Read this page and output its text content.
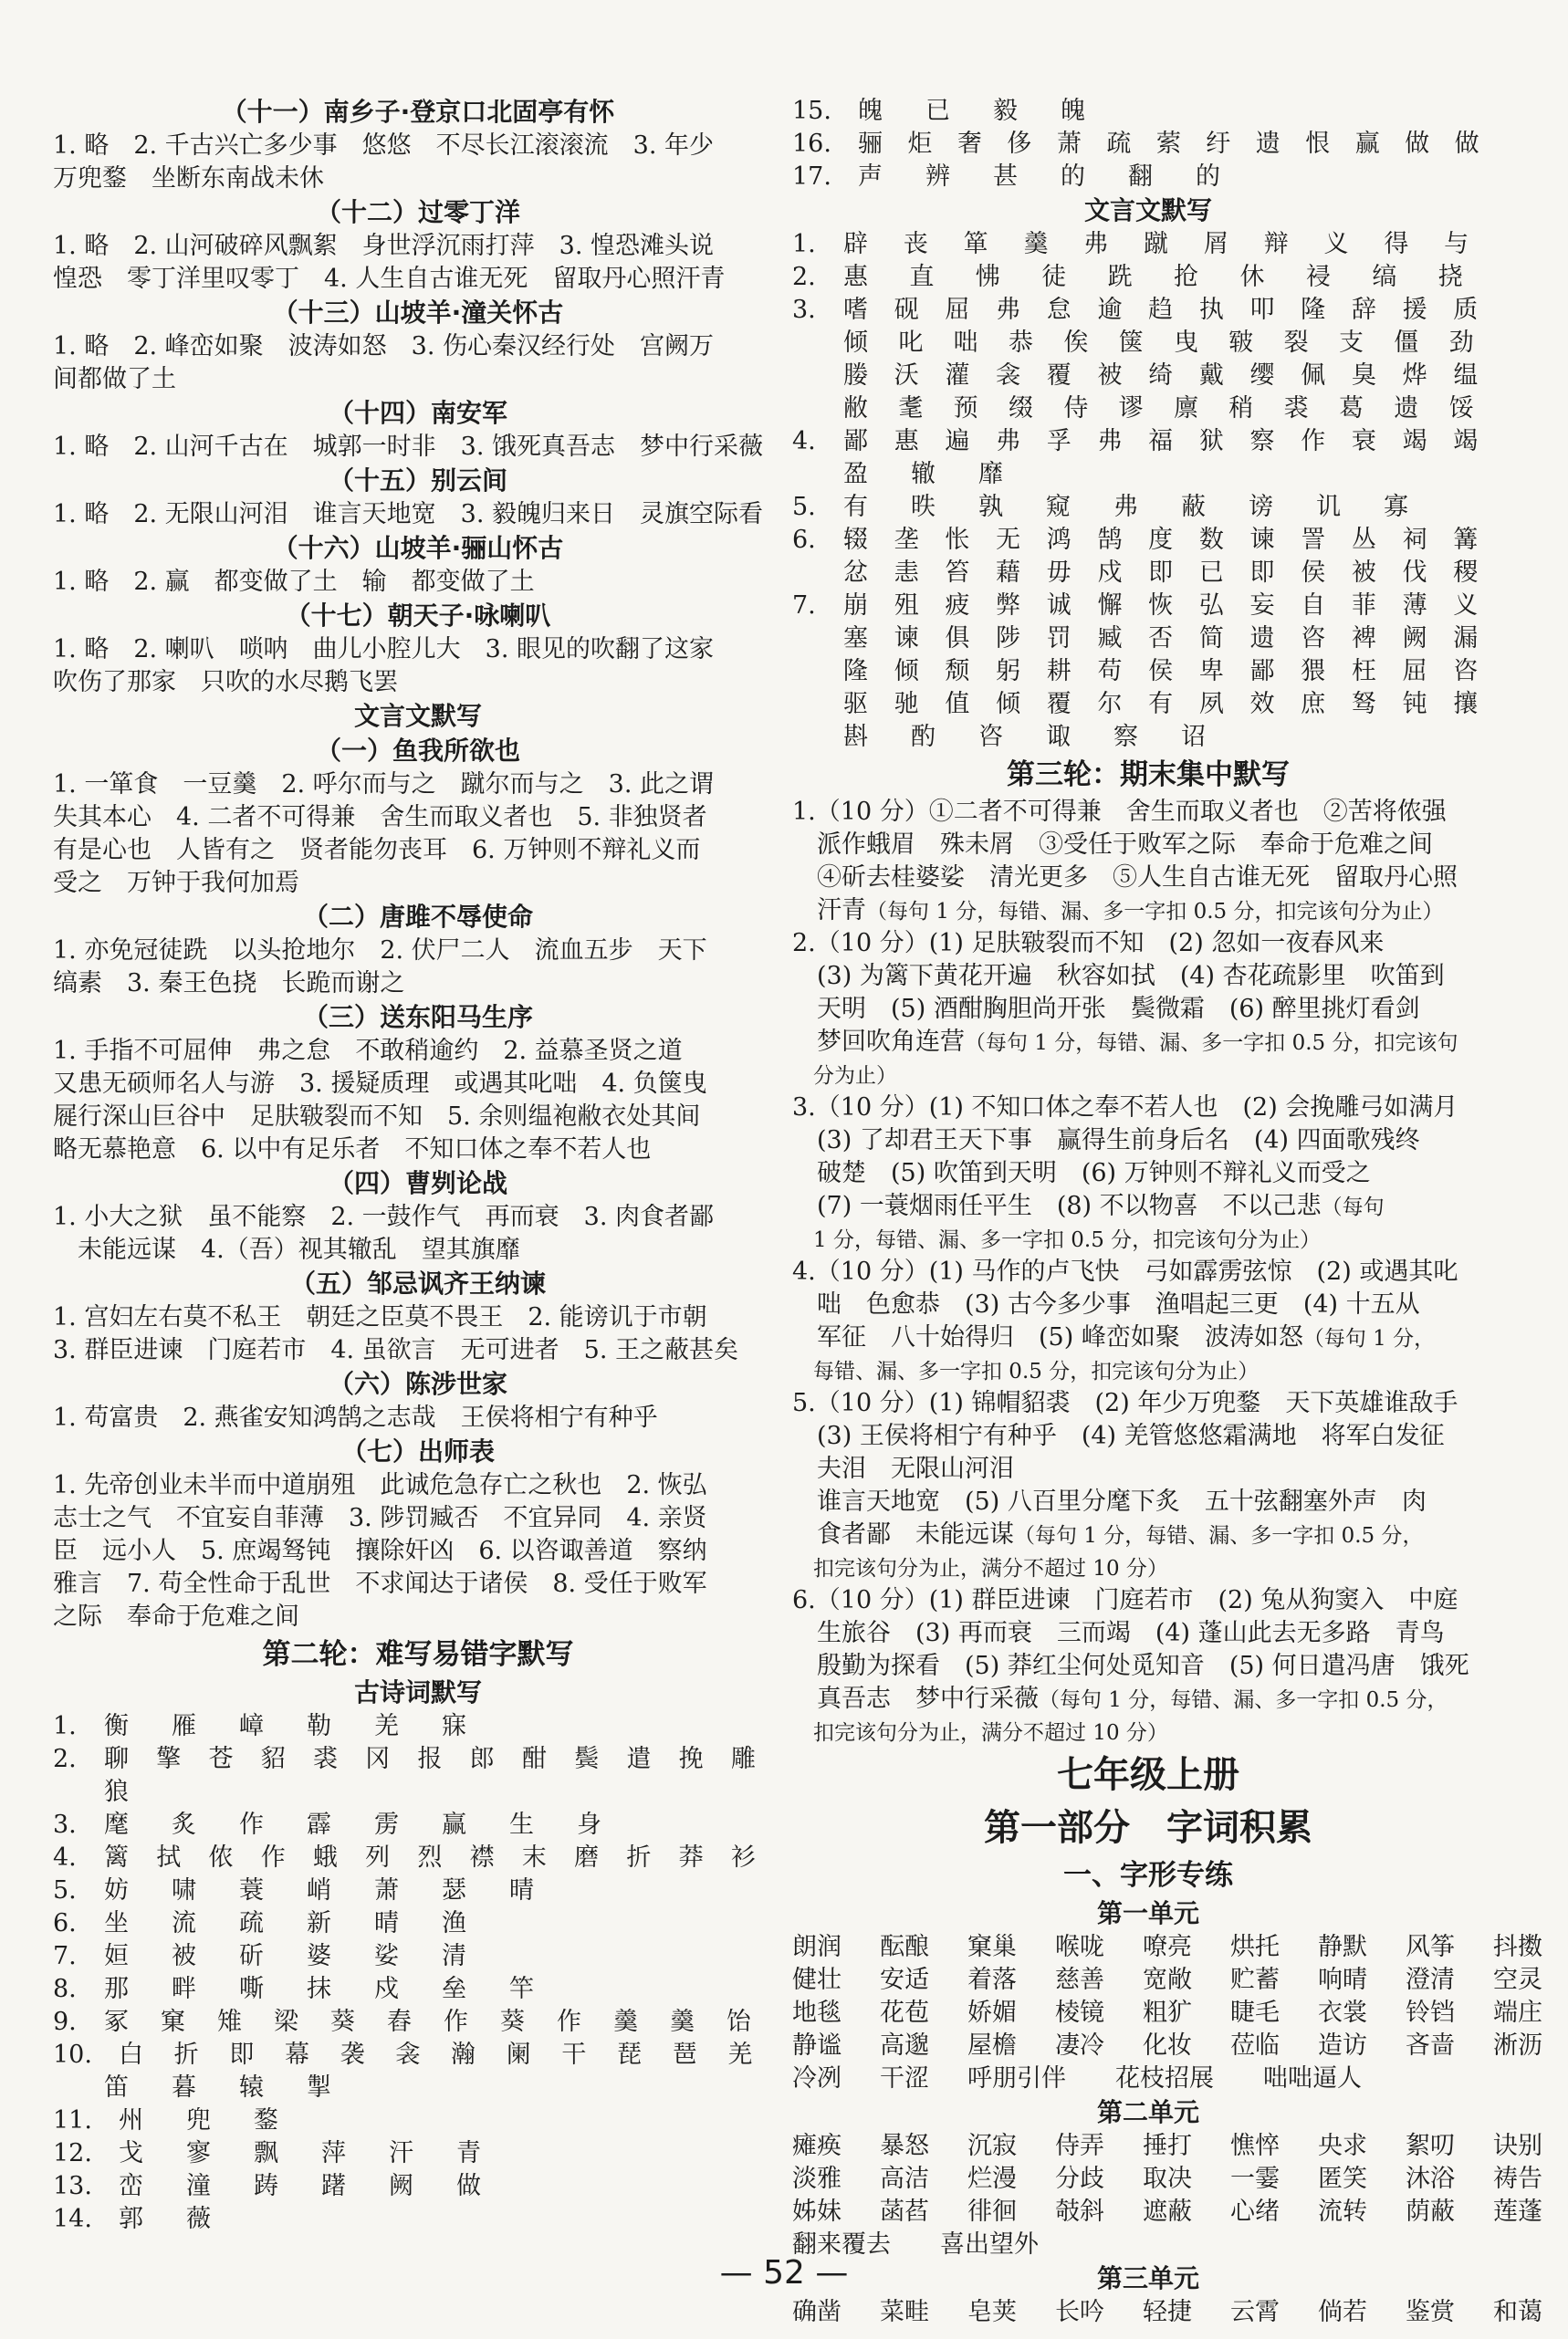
（十一）南乡子·登京口北固亭有怀
1. 略　2. 千古兴亡多少事　悠悠　不尽长江滚滚流　3. 年少
万兜鍪　坐断东南战未休
（十二）过零丁洋
1. 略　2. 山河破碎风飘絮　身世浮沉雨打萍　3. 惶恐滩头说
惶恐　零丁洋里叹零丁　4. 人生自古谁无死　留取丹心照汗青
（十三）山坡羊·潼关怀古
1. 略　2. 峰峦如聚　波涛如怒　3. 伤心秦汉经行处　宫阙万
间都做了土
（十四）南安军
1. 略　2. 山河千古在　城郭一时非　3. 饿死真吾志　梦中行采薇
（十五）别云间
1. 略　2. 无限山河泪　谁言天地宽　3. 毅魄归来日　灵旗空际看
（十六）山坡羊·骊山怀古
1. 略　2. 赢　都变做了土　输　都变做了土
（十七）朝天子·咏喇叭
1. 略　2. 喇叭　唢呐　曲儿小腔儿大　3. 眼见的吹翻了这家
吹伤了那家　只吹的水尽鹅飞罢
文言文默写
（一）鱼我所欲也
1. 一箪食　一豆羹　2. 呼尔而与之　蹴尔而与之　3. 此之谓
失其本心　4. 二者不可得兼　舍生而取义者也　5. 非独贤者
有是心也　人皆有之　贤者能勿丧耳　6. 万钟则不辩礼义而
受之　万钟于我何加焉
（二）唐雎不辱使命
1. 亦免冠徒跣　以头抢地尔　2. 伏尸二人　流血五步　天下
缟素　3. 秦王色挠　长跪而谢之
（三）送东阳马生序
1. 手指不可屈伸　弗之怠　不敢稍逾约　2. 益慕圣贤之道
又患无硕师名人与游　3. 援疑质理　或遇其叱咄　4. 负箧曳
屣行深山巨谷中　足肤皲裂而不知　5. 余则缊袍敝衣处其间
略无慕艳意　6. 以中有足乐者　不知口体之奉不若人也
（四）曹刿论战
1. 小大之狱　虽不能察　2. 一鼓作气　再而衰　3. 肉食者鄙
　未能远谋　4.（吾）视其辙乱　望其旗靡
（五）邹忌讽齐王纳谏
1. 宫妇左右莫不私王　朝廷之臣莫不畏王　2. 能谤讥于市朝
3. 群臣进谏　门庭若市　4. 虽欲言　无可进者　5. 王之蔽甚矣
（六）陈涉世家
1. 苟富贵　2. 燕雀安知鸿鹄之志哉　王侯将相宁有种乎
（七）出师表
1. 先帝创业未半而中道崩殂　此诚危急存亡之秋也　2. 恢弘
志士之气　不宜妄自菲薄　3. 陟罚臧否　不宜异同　4. 亲贤
臣　远小人　5. 庶竭驽钝　攘除奸凶　6. 以咨诹善道　察纳
雅言　7. 苟全性命于乱世　不求闻达于诸侯　8. 受任于败军
之际　奉命于危难之间
第二轮：难写易错字默写
古诗词默写
1.	衡	雁	嶂	勒	羌	寐
2.	聊	擎	苍	貂	裘	冈	报	郎	酣	鬓	遣	挽	雕
狼
3.	麾	炙	作	霹	雳	赢	生	身
4.	篱	拭	侬	作	蛾	列	烈	襟	末	磨	折	莽	衫
5.	妨	啸	蓑	峭	萧	瑟	晴
6.	坐	流	疏	新	晴	渔
7.	姮	被	斫	婆	娑	清
8.	那	畔	嘶	抹	戍	垒	竿
9.	冢	窠	雉	梁	葵	舂	作	葵	作	羹	羹	饴
10.	白	折	即	幕	袭	衾	瀚	阑	干	琵	琶	羌
笛	暮	辕	掣
11.	州	兜	鍪
12.	戈	寥	飘	萍	汗	青
13.	峦	潼	踌	躇	阙	做
14.	郭	薇
15.	魄	已	毅	魄
16.	骊	炬	奢	侈	萧	疏	萦	纡	遗	恨	赢	做	做
17.	声	辨	甚	的	翻	的
文言文默写
1.	辟	丧	箪	羹	弗	蹴	屑	辩	义	得	与
2.	惠	直	怫	徒	跣	抢	休	祲	缟	挠
3.	嗜	砚	屈	弗	怠	逾	趋	执	叩	隆	辞	援	质
倾	叱	咄	恭	俟	箧	曳	皲	裂	支	僵	劲
媵	沃	灌	衾	覆	被	绮	戴	缨	佩	臭	烨	缊
敝	耄	预	缀	侍	谬	廪	稍	裘	葛	遗	馁
4.	鄙	惠	遍	弗	孚	弗	福	狱	察	作	衰	竭	竭
盈	辙	靡
5.	有	昳	孰	窥	弗	蔽	谤	讥	寡
6.	辍	垄	怅	无	鸿	鹄	度	数	谏	詈	丛	祠	篝
忿	恚	笞	藉	毋	戍	即	已	即	侯	被	伐	稷
7.	崩	殂	疲	弊	诚	懈	恢	弘	妄	自	菲	薄	义
塞	谏	俱	陟	罚	臧	否	简	遗	咨	裨	阙	漏
隆	倾	颓	躬	耕	苟	侯	卑	鄙	猥	枉	屈	咨
驱	驰	值	倾	覆	尔	有	夙	效	庶	驽	钝	攘
斟	酌	咨	诹	察	诏
第三轮：期末集中默写
1.（10 分）①二者不可得兼　舍生而取义者也　②苦将侬强
　派作蛾眉　殊未屑　③受任于败军之际　奉命于危难之间
　④斫去桂婆娑　清光更多　⑤人生自古谁无死　留取丹心照
　汗青（每句 1 分，每错、漏、多一字扣 0.5 分，扣完该句分为止）
2.（10 分）(1) 足肤皲裂而不知　(2) 忽如一夜春风来
　(3) 为篱下黄花开遍　秋容如拭　(4) 杏花疏影里　吹笛到
　天明　(5) 酒酣胸胆尚开张　鬓微霜　(6) 醉里挑灯看剑
　梦回吹角连营（每句 1 分，每错、漏、多一字扣 0.5 分，扣完该句
　分为止）
3.（10 分）(1) 不知口体之奉不若人也　(2) 会挽雕弓如满月
　(3) 了却君王天下事　赢得生前身后名　(4) 四面歌残终
　破楚　(5) 吹笛到天明　(6) 万钟则不辩礼义而受之
　(7) 一蓑烟雨任平生　(8) 不以物喜　不以己悲（每句
　1 分，每错、漏、多一字扣 0.5 分，扣完该句分为止）
4.（10 分）(1) 马作的卢飞快　弓如霹雳弦惊　(2) 或遇其叱
　咄　色愈恭　(3) 古今多少事　渔唱起三更　(4) 十五从
　军征　八十始得归　(5) 峰峦如聚　波涛如怒（每句 1 分，
　每错、漏、多一字扣 0.5 分，扣完该句分为止）
5.（10 分）(1) 锦帽貂裘　(2) 年少万兜鍪　天下英雄谁敌手
　(3) 王侯将相宁有种乎　(4) 羌管悠悠霜满地　将军白发征
　夫泪　无限山河泪
　谁言天地宽　(5) 八百里分麾下炙　五十弦翻塞外声　肉
　食者鄙　未能远谋（每句 1 分，每错、漏、多一字扣 0.5 分，
　扣完该句分为止，满分不超过 10 分）
6.（10 分）(1) 群臣进谏　门庭若市　(2) 兔从狗窦入　中庭
　生旅谷　(3) 再而衰　三而竭　(4) 蓬山此去无多路　青鸟
　殷勤为探看　(5) 莽红尘何处觅知音　(5) 何日遣冯唐　饿死
　真吾志　梦中行采薇（每句 1 分，每错、漏、多一字扣 0.5 分，
　扣完该句分为止，满分不超过 10 分）
七年级上册
第一部分　字词积累
一、字形专练
第一单元
朗润	酝酿	窠巢	喉咙	嘹亮	烘托	静默	风筝	抖擞
健壮	安适	着落	慈善	宽敞	贮蓄	响晴	澄清	空灵
地毯	花苞	娇媚	棱镜	粗犷	睫毛	衣裳	铃铛	端庄
静谧	高邈	屋檐	凄冷	化妆	莅临	造访	吝啬	淅沥
冷冽	干涩	呼朋引伴	花枝招展	咄咄逼人
第二单元
瘫痪	暴怒	沉寂	侍弄	捶打	憔悴	央求	絮叨	诀别
淡雅	高洁	烂漫	分歧	取决	一霎	匿笑	沐浴	祷告
姊妹	菡萏	徘徊	攲斜	遮蔽	心绪	流转	荫蔽	莲蓬
翻来覆去	喜出望外
第三单元
确凿	菜畦	皂荚	长吟	轻捷	云霄	倘若	鉴赏	和蔼
— 52 —
